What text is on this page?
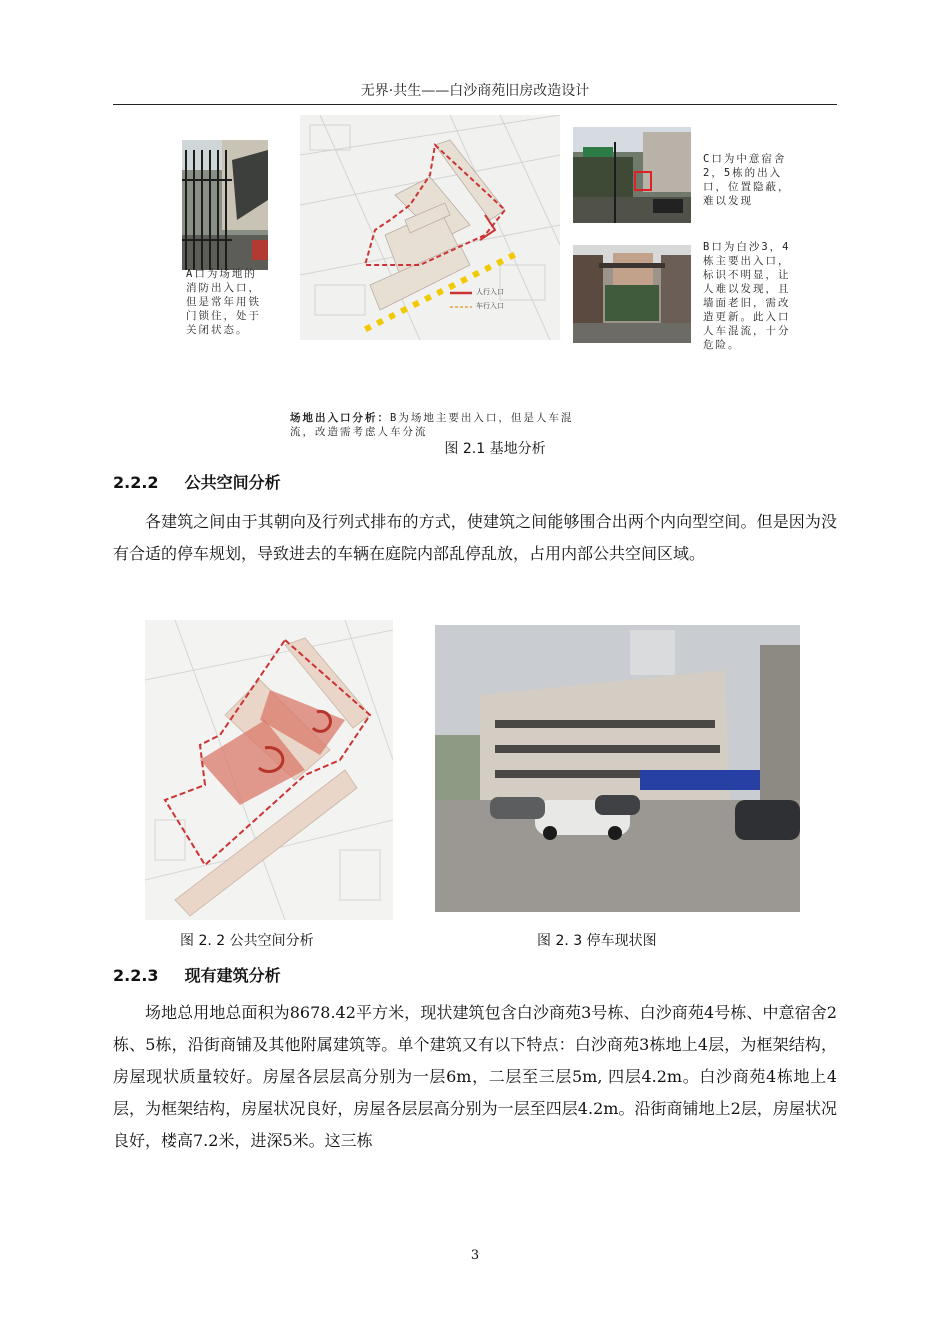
无界·共生——白沙商苑旧房改造设计
A口为场地的
消防出入口，
但是常年用铁
门锁住，处于
关闭状态。
人行入口
车行入口
C口为中意宿舍
2，5栋的出入
口，位置隐蔽，
难以发现
B口为白沙3，4
栋主要出入口，
标识不明显，让
人难以发现，且
墙面老旧，需改
造更新。此入口
人车混流，十分
危险。

场地出入口分析：B为场地主要出入口，但是人车混
流，改造需考虑人车分流

图 2.1 基地分析
2.2.2 公共空间分析

各建筑之间由于其朝向及行列式排布的方式，使建筑之间能够围合出两个内向型空间。但是因为没有合适的停车规划，导致进去的车辆在庭院内部乱停乱放，占用内部公共空间区域。

图 2. 2 公共空间分析	图 2. 3 停车现状图
2.2.3 现有建筑分析

场地总用地总面积为8678.42平方米，现状建筑包含白沙商苑3号栋、白沙商苑4号栋、中意宿舍2栋、5栋，沿街商铺及其他附属建筑等。单个建筑又有以下特点：白沙商苑3栋地上4层，为框架结构，房屋现状质量较好。房屋各层层高分别为一层6m，二层至三层5m, 四层4.2m。白沙商苑4栋地上4层，为框架结构，房屋状况良好，房屋各层层高分别为一层至四层4.2m。沿街商铺地上2层，房屋状况良好，楼高7.2米，进深5米。这三栋

3
